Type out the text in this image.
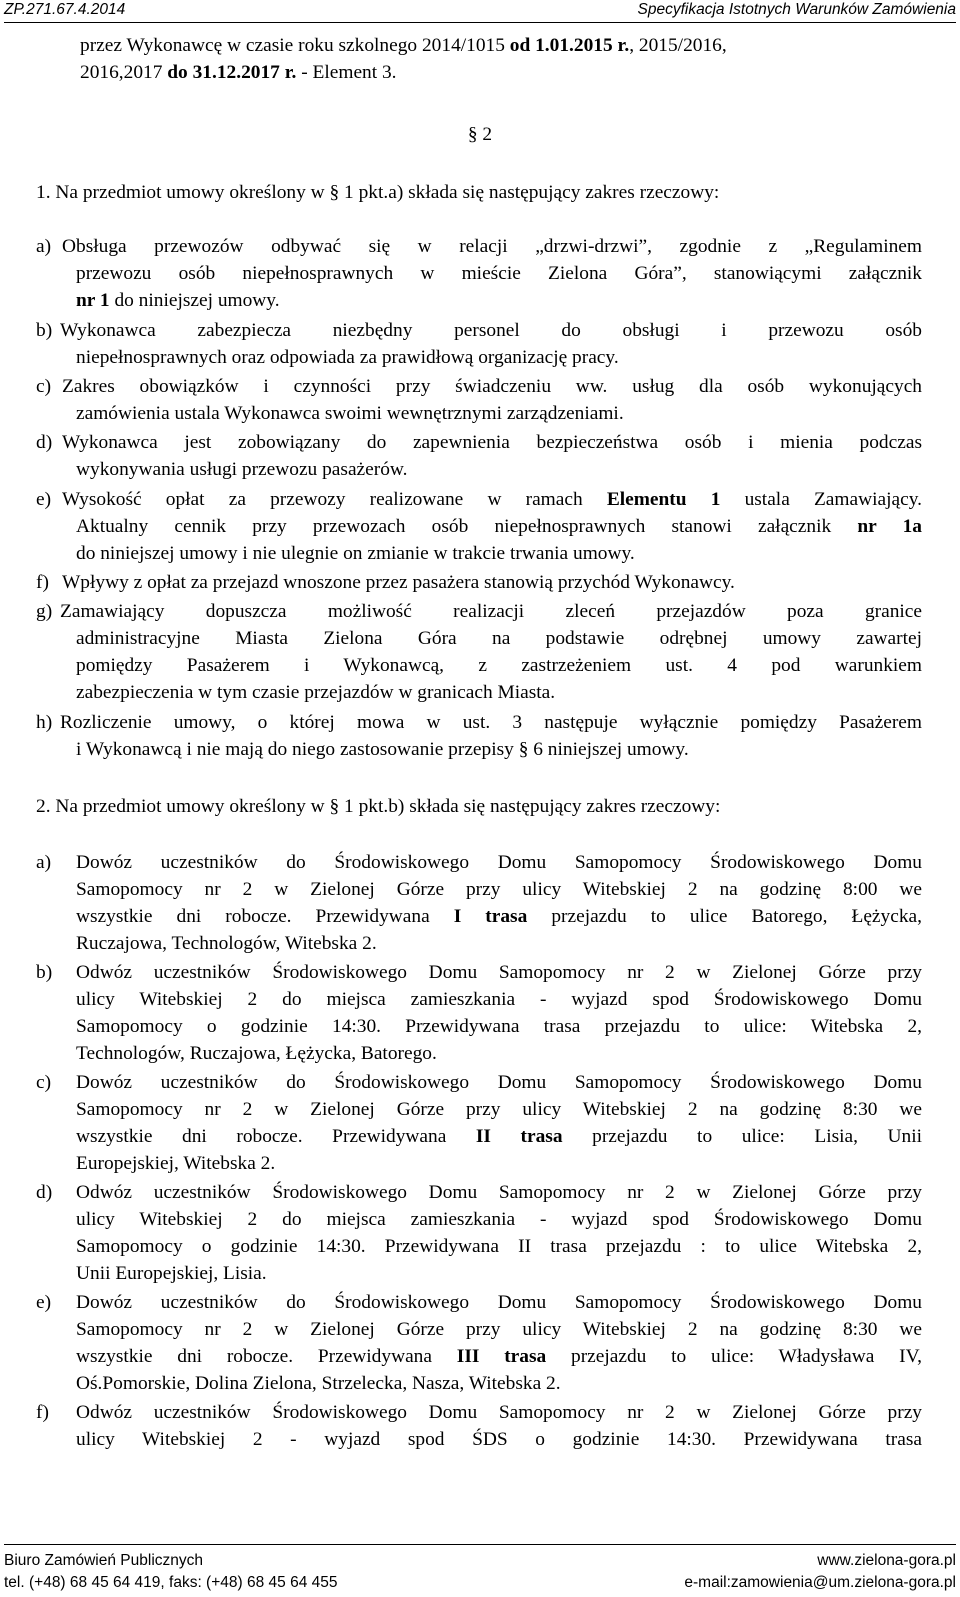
ZP.271.67.4.2014	Specyfikacja Istotnych Warunków Zamówienia
przez Wykonawcę w czasie roku szkolnego 2014/1015 od 1.01.2015 r., 2015/2016,
2016,2017 do 31.12.2017 r. - Element 3.
§ 2
1. Na przedmiot umowy określony w § 1 pkt.a) składa się następujący zakres rzeczowy:
a) Obsługa przewozów odbywać się w relacji „drzwi-drzwi”, zgodnie z „Regulaminem
przewozu osób niepełnosprawnych w mieście Zielona Góra”, stanowiącymi załącznik
nr 1 do niniejszej umowy.
b) Wykonawca zabezpiecza niezbędny personel do obsługi i przewozu osób
niepełnosprawnych oraz odpowiada za prawidłową organizację pracy.
c) Zakres obowiązków i czynności przy świadczeniu ww. usług dla osób wykonujących
zamówienia ustala Wykonawca swoimi wewnętrznymi zarządzeniami.
d) Wykonawca jest zobowiązany do zapewnienia bezpieczeństwa osób i mienia podczas
wykonywania usługi przewozu pasażerów.
e) Wysokość opłat za przewozy realizowane w ramach Elementu 1 ustala Zamawiający.
Aktualny cennik przy przewozach osób niepełnosprawnych stanowi załącznik nr 1a
do niniejszej umowy i nie ulegnie on zmianie w trakcie trwania umowy.
f) Wpływy z opłat za przejazd wnoszone przez pasażera stanowią przychód Wykonawcy.
g) Zamawiający dopuszcza możliwość realizacji zleceń przejazdów poza granice
administracyjne Miasta Zielona Góra na podstawie odrębnej umowy zawartej
pomiędzy Pasażerem i Wykonawcą, z zastrzeżeniem ust. 4 pod warunkiem
zabezpieczenia w tym czasie przejazdów w granicach Miasta.
h) Rozliczenie umowy, o której mowa w ust. 3 następuje wyłącznie pomiędzy Pasażerem
i Wykonawcą i nie mają do niego zastosowanie przepisy § 6 niniejszej umowy.
2. Na przedmiot umowy określony w § 1 pkt.b) składa się następujący zakres rzeczowy:
a) Dowóz uczestników do Środowiskowego Domu Samopomocy Środowiskowego Domu
Samopomocy nr 2 w Zielonej Górze przy ulicy Witebskiej 2 na godzinę 8:00 we
wszystkie dni robocze. Przewidywana I trasa przejazdu to ulice Batorego, Łężycka,
Ruczajowa, Technologów, Witebska 2.
b) Odwóz uczestników Środowiskowego Domu Samopomocy nr 2 w Zielonej Górze przy
ulicy Witebskiej 2 do miejsca zamieszkania - wyjazd spod Środowiskowego Domu
Samopomocy o godzinie 14:30. Przewidywana trasa przejazdu to ulice: Witebska 2,
Technologów, Ruczajowa, Łężycka, Batorego.
c) Dowóz uczestników do Środowiskowego Domu Samopomocy Środowiskowego Domu
Samopomocy nr 2 w Zielonej Górze przy ulicy Witebskiej 2 na godzinę 8:30 we
wszystkie dni robocze. Przewidywana II trasa przejazdu to ulice: Lisia, Unii
Europejskiej, Witebska 2.
d) Odwóz uczestników Środowiskowego Domu Samopomocy nr 2 w Zielonej Górze przy
ulicy Witebskiej 2 do miejsca zamieszkania - wyjazd spod Środowiskowego Domu
Samopomocy o godzinie 14:30. Przewidywana II trasa przejazdu : to ulice Witebska 2,
Unii Europejskiej, Lisia.
e) Dowóz uczestników do Środowiskowego Domu Samopomocy Środowiskowego Domu
Samopomocy nr 2 w Zielonej Górze przy ulicy Witebskiej 2 na godzinę 8:30 we
wszystkie dni robocze. Przewidywana III trasa przejazdu to ulice: Władysława IV,
Oś.Pomorskie, Dolina Zielona, Strzelecka, Nasza, Witebska 2.
f) Odwóz uczestników Środowiskowego Domu Samopomocy nr 2 w Zielonej Górze przy
ulicy Witebskiej 2 - wyjazd spod ŚDS o godzinie 14:30. Przewidywana trasa
Biuro Zamówień Publicznych	www.zielona-gora.pl
tel. (+48) 68 45 64 419, faks: (+48) 68 45 64 455	e-mail:zamowienia@um.zielona-gora.pl
